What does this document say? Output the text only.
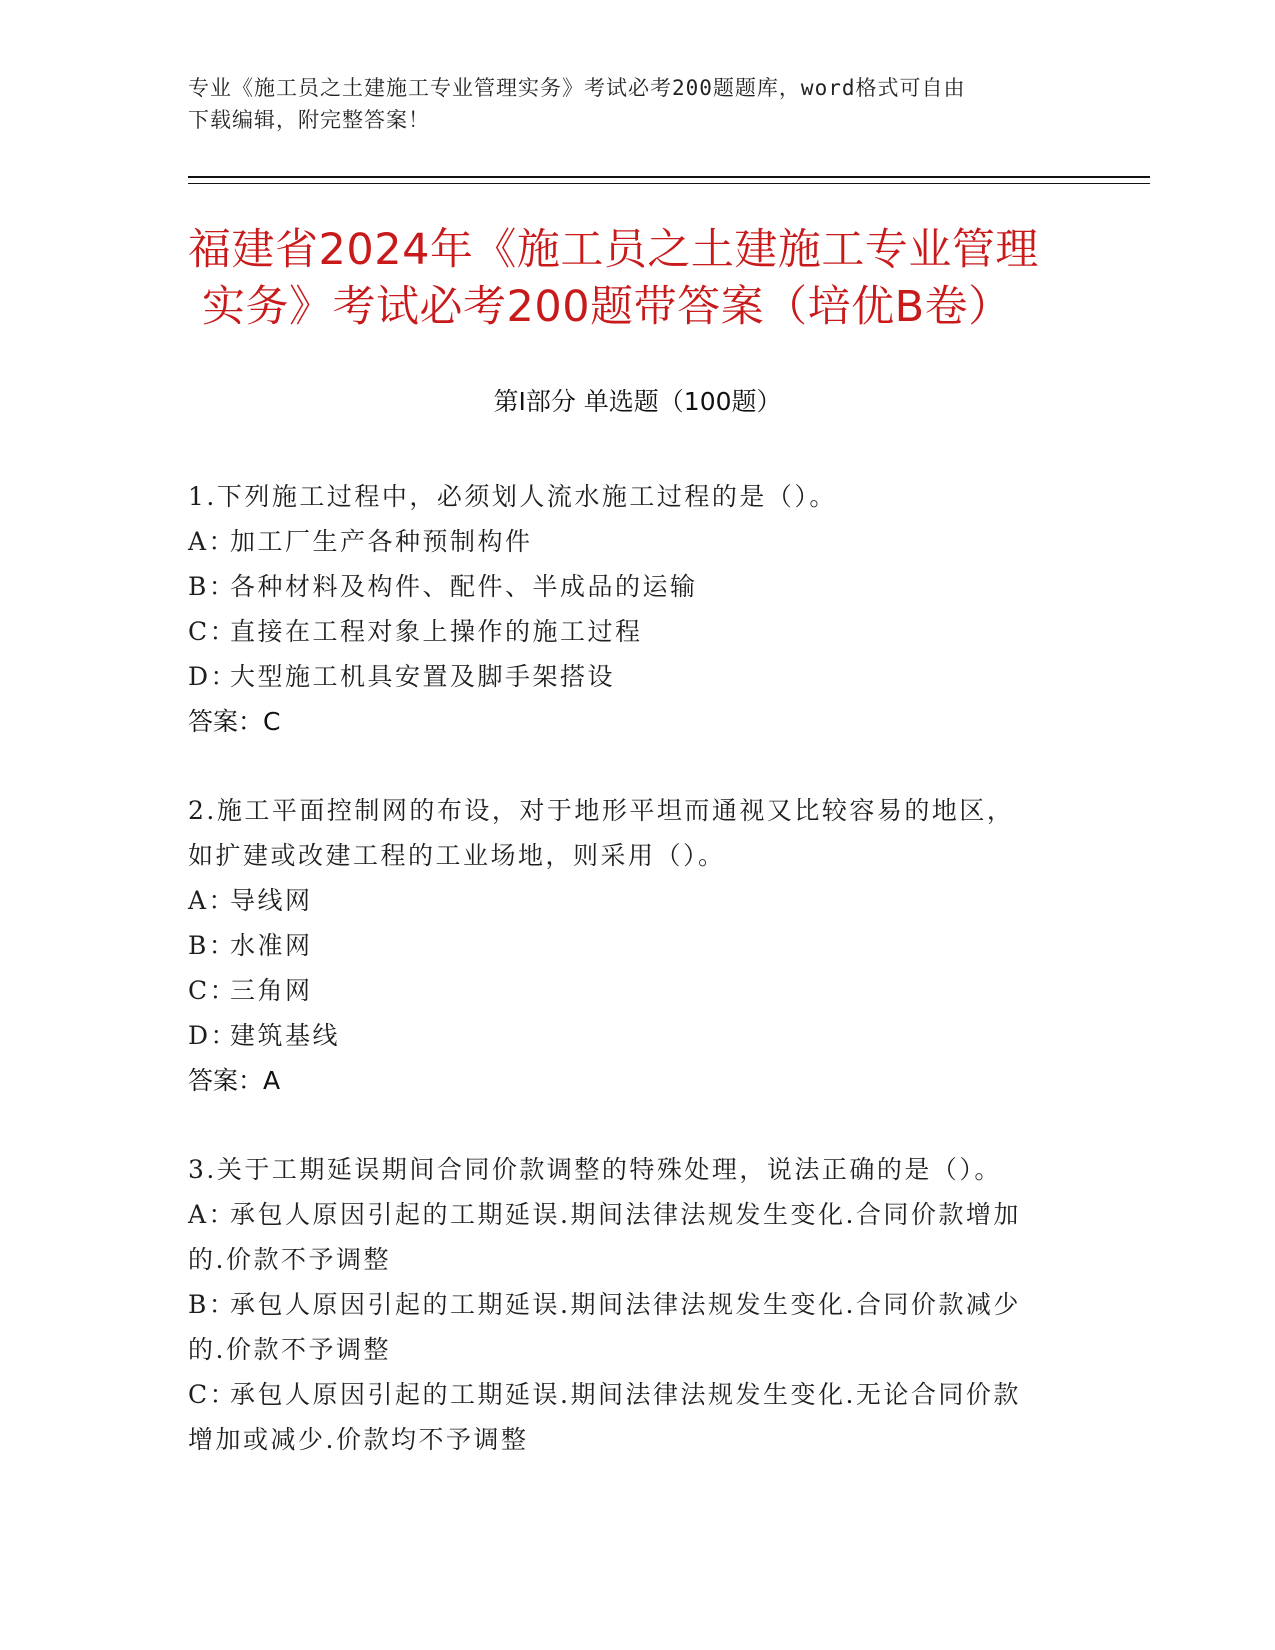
专业《施工员之土建施工专业管理实务》考试必考200题题库，word格式可自由
下载编辑，附完整答案！
福建省2024年《施工员之土建施工专业管理
实务》考试必考200题带答案（培优B卷）
第Ⅰ部分 单选题（100题）
1.下列施工过程中，必须划人流水施工过程的是（）。
A：加工厂生产各种预制构件
B：各种材料及构件、配件、半成品的运输
C：直接在工程对象上操作的施工过程
D：大型施工机具安置及脚手架搭设
答案：C
2.施工平面控制网的布设，对于地形平坦而通视又比较容易的地区，
如扩建或改建工程的工业场地，则采用（）。
A：导线网
B：水准网
C：三角网
D：建筑基线
答案：A
3.关于工期延误期间合同价款调整的特殊处理，说法正确的是（）。
A：承包人原因引起的工期延误.期间法律法规发生变化.合同价款增加
的.价款不予调整
B：承包人原因引起的工期延误.期间法律法规发生变化.合同价款减少
的.价款不予调整
C：承包人原因引起的工期延误.期间法律法规发生变化.无论合同价款
增加或减少.价款均不予调整
